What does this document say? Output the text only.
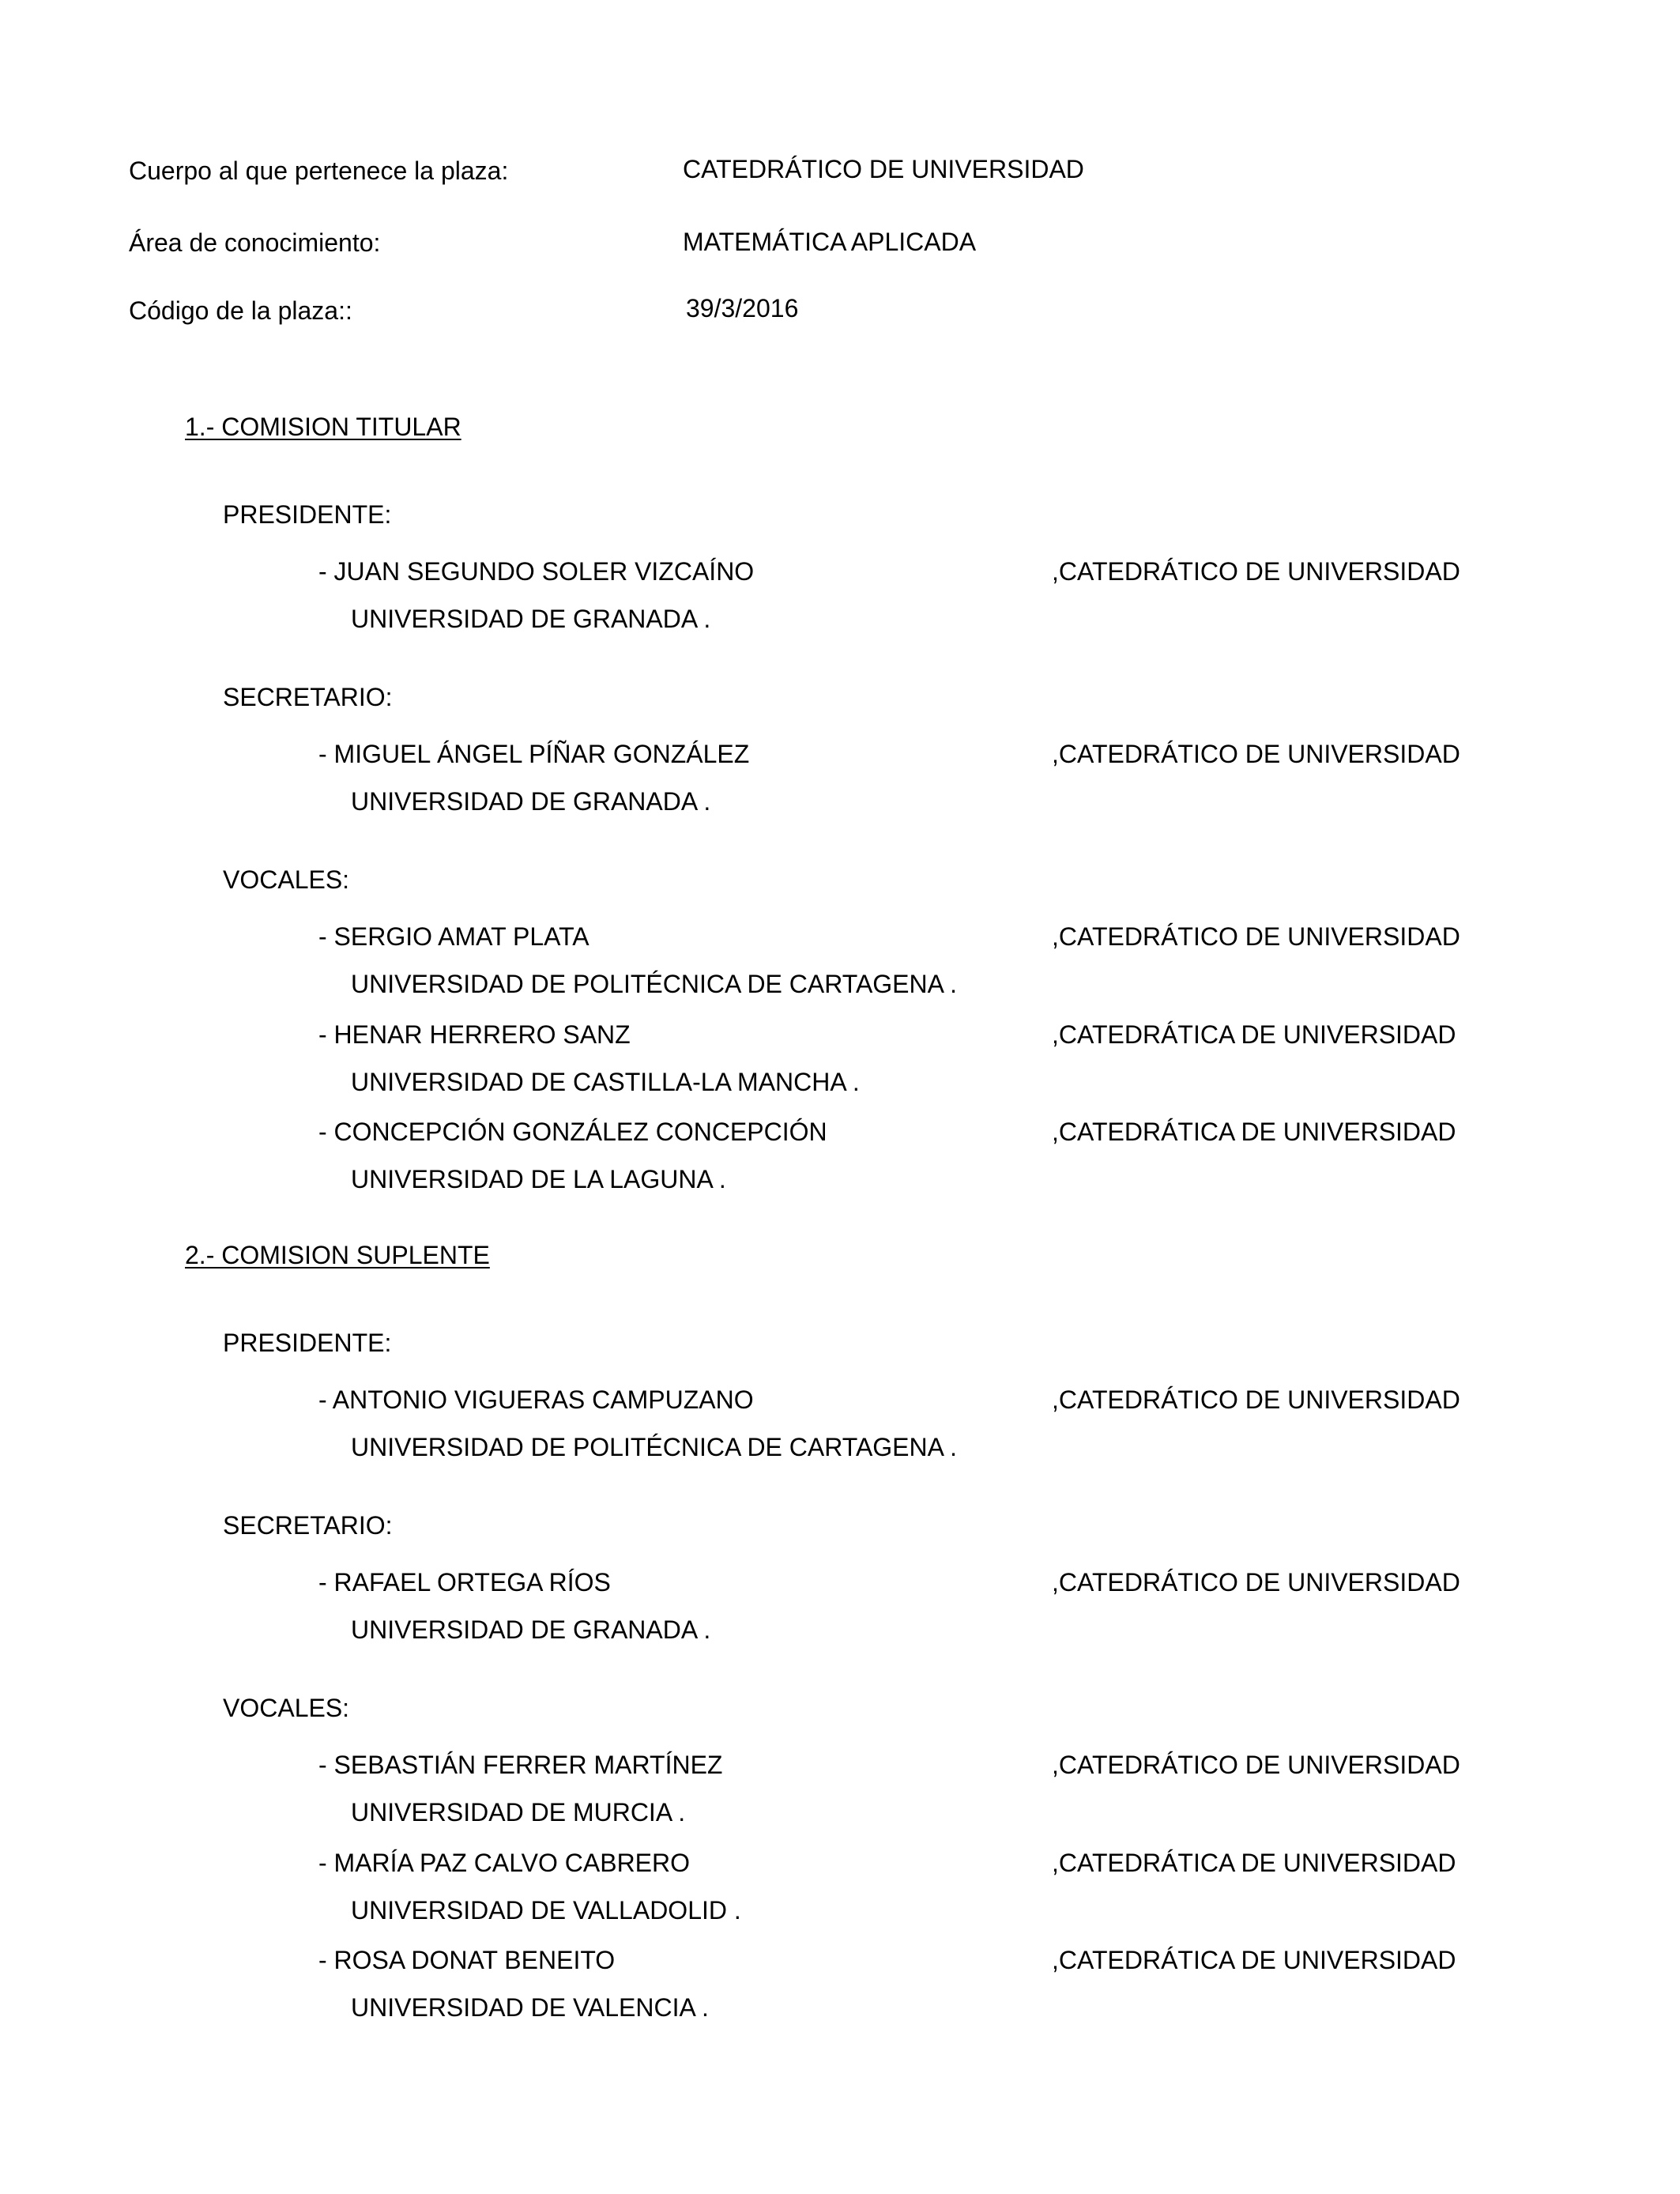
Cuerpo al que pertenece la plaza:	CATEDRÁTICO DE UNIVERSIDAD
Área de conocimiento:	MATEMÁTICA APLICADA
Código de la plaza::	39/3/2016
1.- COMISION TITULAR
PRESIDENTE:
- JUAN SEGUNDO SOLER VIZCAÍNO	,CATEDRÁTICO DE UNIVERSIDAD
UNIVERSIDAD DE GRANADA .
SECRETARIO:
- MIGUEL ÁNGEL PÍÑAR GONZÁLEZ	,CATEDRÁTICO DE UNIVERSIDAD
UNIVERSIDAD DE GRANADA .
VOCALES:
- SERGIO AMAT PLATA	,CATEDRÁTICO DE UNIVERSIDAD
UNIVERSIDAD DE POLITÉCNICA DE CARTAGENA .
- HENAR HERRERO SANZ	,CATEDRÁTICA DE UNIVERSIDAD
UNIVERSIDAD DE CASTILLA-LA MANCHA .
- CONCEPCIÓN GONZÁLEZ CONCEPCIÓN	,CATEDRÁTICA DE UNIVERSIDAD
UNIVERSIDAD DE LA LAGUNA .
2.- COMISION SUPLENTE
PRESIDENTE:
- ANTONIO VIGUERAS CAMPUZANO	,CATEDRÁTICO DE UNIVERSIDAD
UNIVERSIDAD DE POLITÉCNICA DE CARTAGENA .
SECRETARIO:
- RAFAEL ORTEGA RÍOS	,CATEDRÁTICO DE UNIVERSIDAD
UNIVERSIDAD DE GRANADA .
VOCALES:
- SEBASTIÁN FERRER MARTÍNEZ	,CATEDRÁTICO DE UNIVERSIDAD
UNIVERSIDAD DE MURCIA .
- MARÍA PAZ CALVO CABRERO	,CATEDRÁTICA DE UNIVERSIDAD
UNIVERSIDAD DE VALLADOLID .
- ROSA DONAT BENEITO	,CATEDRÁTICA DE UNIVERSIDAD
UNIVERSIDAD DE VALENCIA .
